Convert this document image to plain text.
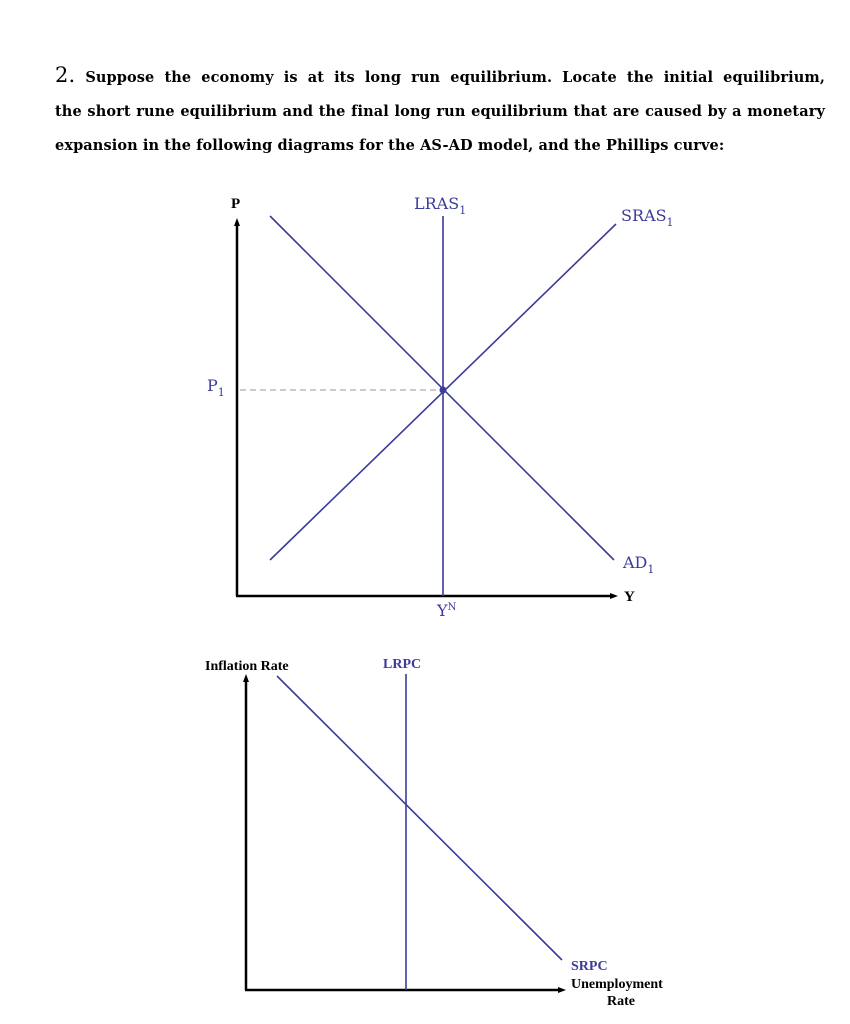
2. Suppose the economy is at its long run equilibrium. Locate the initial equilibrium,
the short rune equilibrium and the final long run equilibrium that are caused by a monetary
expansion in the following diagrams for the AS-AD model, and the Phillips curve:
P
Y
$LRAS_1$	$SRAS_1$
$AD_1$
$P_1$
$Y^N$
Inflation Rate	LRPC
SRPC
Unemployment
Rate
